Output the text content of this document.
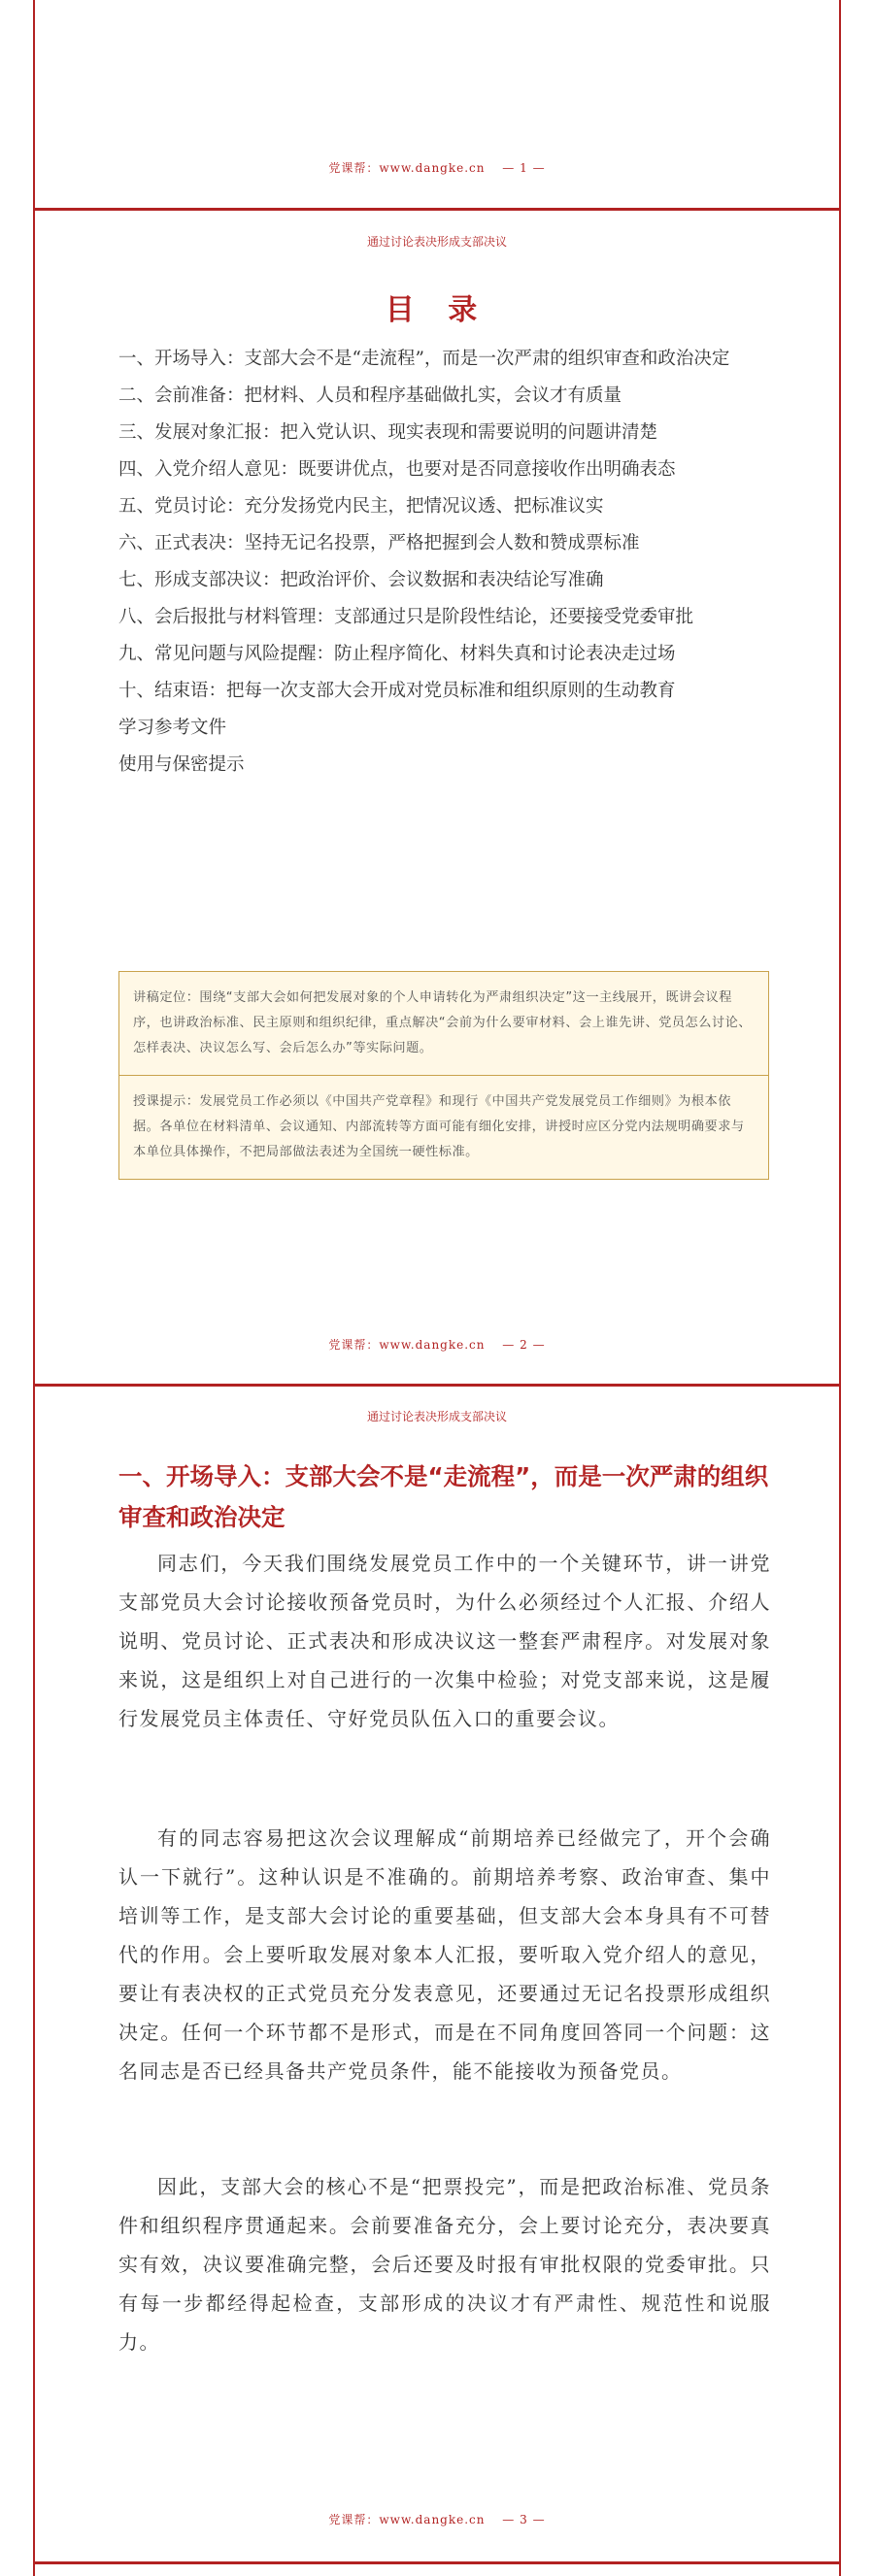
党课帮：www.dangke.cn　 — 1 —
通过讨论表决形成支部决议
目 录
一、开场导入：支部大会不是“走流程”，而是一次严肃的组织审查和政治决定
二、会前准备：把材料、人员和程序基础做扎实，会议才有质量
三、发展对象汇报：把入党认识、现实表现和需要说明的问题讲清楚
四、入党介绍人意见：既要讲优点，也要对是否同意接收作出明确表态
五、党员讨论：充分发扬党内民主，把情况议透、把标准议实
六、正式表决：坚持无记名投票，严格把握到会人数和赞成票标准
七、形成支部决议：把政治评价、会议数据和表决结论写准确
八、会后报批与材料管理：支部通过只是阶段性结论，还要接受党委审批
九、常见问题与风险提醒：防止程序简化、材料失真和讨论表决走过场
十、结束语：把每一次支部大会开成对党员标准和组织原则的生动教育
学习参考文件
使用与保密提示
讲稿定位：围绕“支部大会如何把发展对象的个人申请转化为严肃组织决定”这一主线展开，既讲会议程序，也讲政治标准、民主原则和组织纪律，重点解决“会前为什么要审材料、会上谁先讲、党员怎么讨论、怎样表决、决议怎么写、会后怎么办”等实际问题。
授课提示：发展党员工作必须以《中国共产党章程》和现行《中国共产党发展党员工作细则》为根本依据。各单位在材料清单、会议通知、内部流转等方面可能有细化安排，讲授时应区分党内法规明确要求与本单位具体操作，不把局部做法表述为全国统一硬性标准。
党课帮：www.dangke.cn　 — 2 —
通过讨论表决形成支部决议
一、开场导入：支部大会不是“走流程”，而是一次严肃的组织审查和政治决定

同志们，今天我们围绕发展党员工作中的一个关键环节，讲一讲党支部党员大会讨论接收预备党员时，为什么必须经过个人汇报、介绍人说明、党员讨论、正式表决和形成决议这一整套严肃程序。对发展对象来说，这是组织上对自己进行的一次集中检验；对党支部来说，这是履行发展党员主体责任、守好党员队伍入口的重要会议。

有的同志容易把这次会议理解成“前期培养已经做完了，开个会确认一下就行”。这种认识是不准确的。前期培养考察、政治审查、集中培训等工作，是支部大会讨论的重要基础，但支部大会本身具有不可替代的作用。会上要听取发展对象本人汇报，要听取入党介绍人的意见，要让有表决权的正式党员充分发表意见，还要通过无记名投票形成组织决定。任何一个环节都不是形式，而是在不同角度回答同一个问题：这名同志是否已经具备共产党员条件，能不能接收为预备党员。

因此，支部大会的核心不是“把票投完”，而是把政治标准、党员条件和组织程序贯通起来。会前要准备充分，会上要讨论充分，表决要真实有效，决议要准确完整，会后还要及时报有审批权限的党委审批。只有每一步都经得起检查，支部形成的决议才有严肃性、规范性和说服力。

党课帮：www.dangke.cn　 — 3 —
